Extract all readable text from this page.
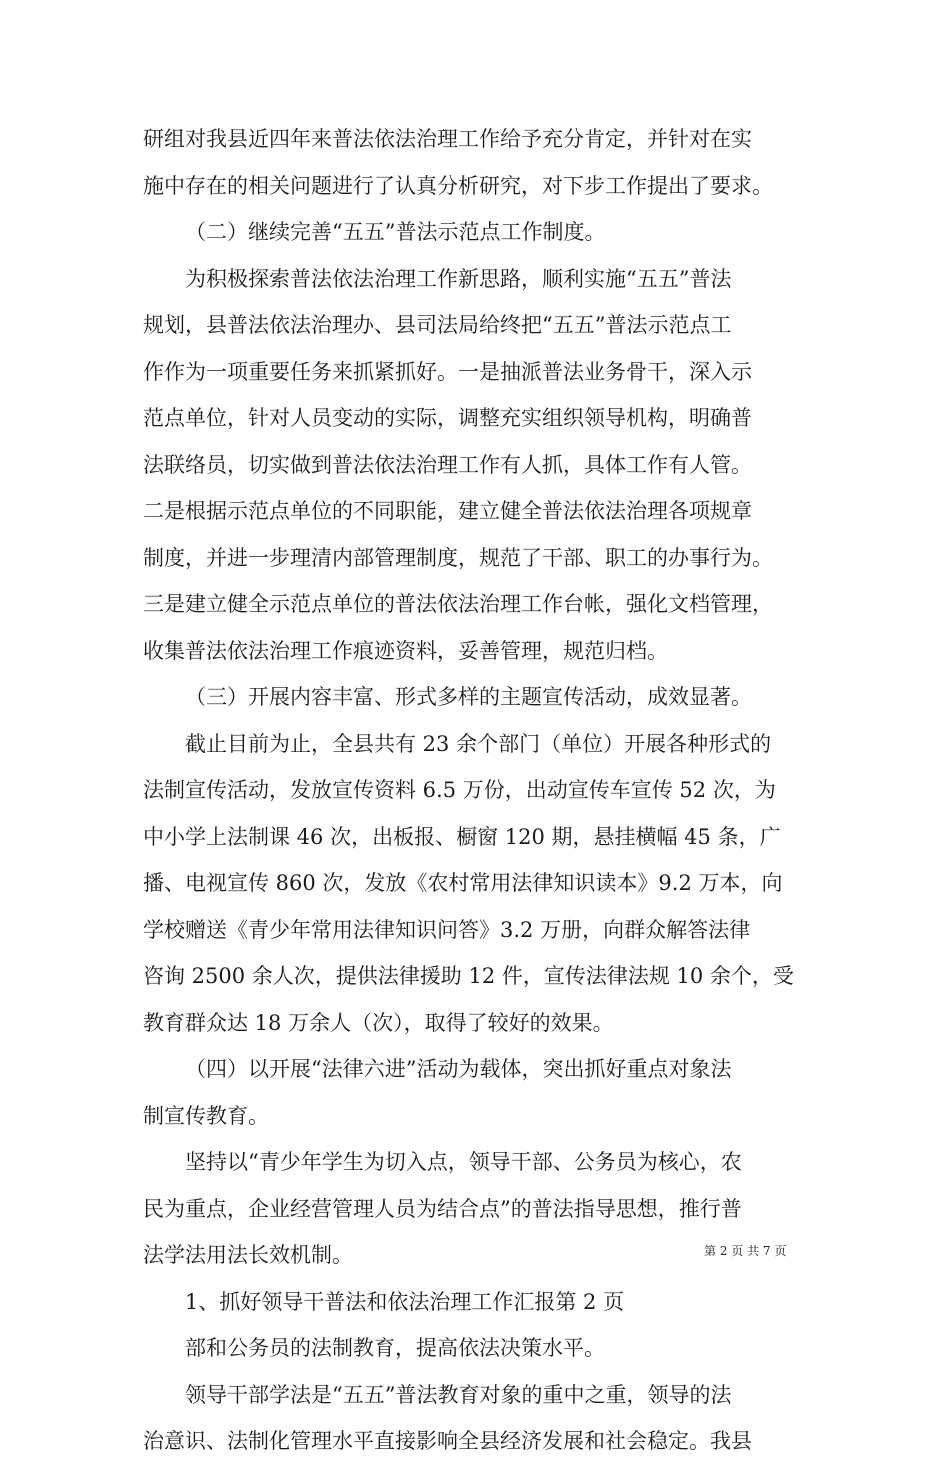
研组对我县近四年来普法依法治理工作给予充分肯定，并针对在实
施中存在的相关问题进行了认真分析研究，对下步工作提出了要求。
（二）继续完善“五五”普法示范点工作制度。
为积极探索普法依法治理工作新思路，顺利实施“五五”普法
规划，县普法依法治理办、县司法局给终把“五五”普法示范点工
作作为一项重要任务来抓紧抓好。一是抽派普法业务骨干，深入示
范点单位，针对人员变动的实际，调整充实组织领导机构，明确普
法联络员，切实做到普法依法治理工作有人抓，具体工作有人管。
二是根据示范点单位的不同职能，建立健全普法依法治理各项规章
制度，并进一步理清内部管理制度，规范了干部、职工的办事行为。
三是建立健全示范点单位的普法依法治理工作台帐，强化文档管理，
收集普法依法治理工作痕迹资料，妥善管理，规范归档。
（三）开展内容丰富、形式多样的主题宣传活动，成效显著。
截止目前为止，全县共有 23 余个部门（单位）开展各种形式的
法制宣传活动，发放宣传资料 6.5 万份，出动宣传车宣传 52 次，为
中小学上法制课 46 次，出板报、橱窗 120 期，悬挂横幅 45 条，广
播、电视宣传 860 次，发放《农村常用法律知识读本》9.2 万本，向
学校赠送《青少年常用法律知识问答》3.2 万册，向群众解答法律
咨询 2500 余人次，提供法律援助 12 件，宣传法律法规 10 余个，受
教育群众达 18 万余人（次），取得了较好的效果。
（四）以开展“法律六进”活动为载体，突出抓好重点对象法
制宣传教育。
坚持以“青少年学生为切入点，领导干部、公务员为核心，农
民为重点，企业经营管理人员为结合点”的普法指导思想，推行普
法学法用法长效机制。
1、抓好领导干普法和依法治理工作汇报第 2 页
部和公务员的法制教育，提高依法决策水平。
领导干部学法是“五五”普法教育对象的重中之重，领导的法
治意识、法制化管理水平直接影响全县经济发展和社会稳定。我县
第 2 页 共 7 页
